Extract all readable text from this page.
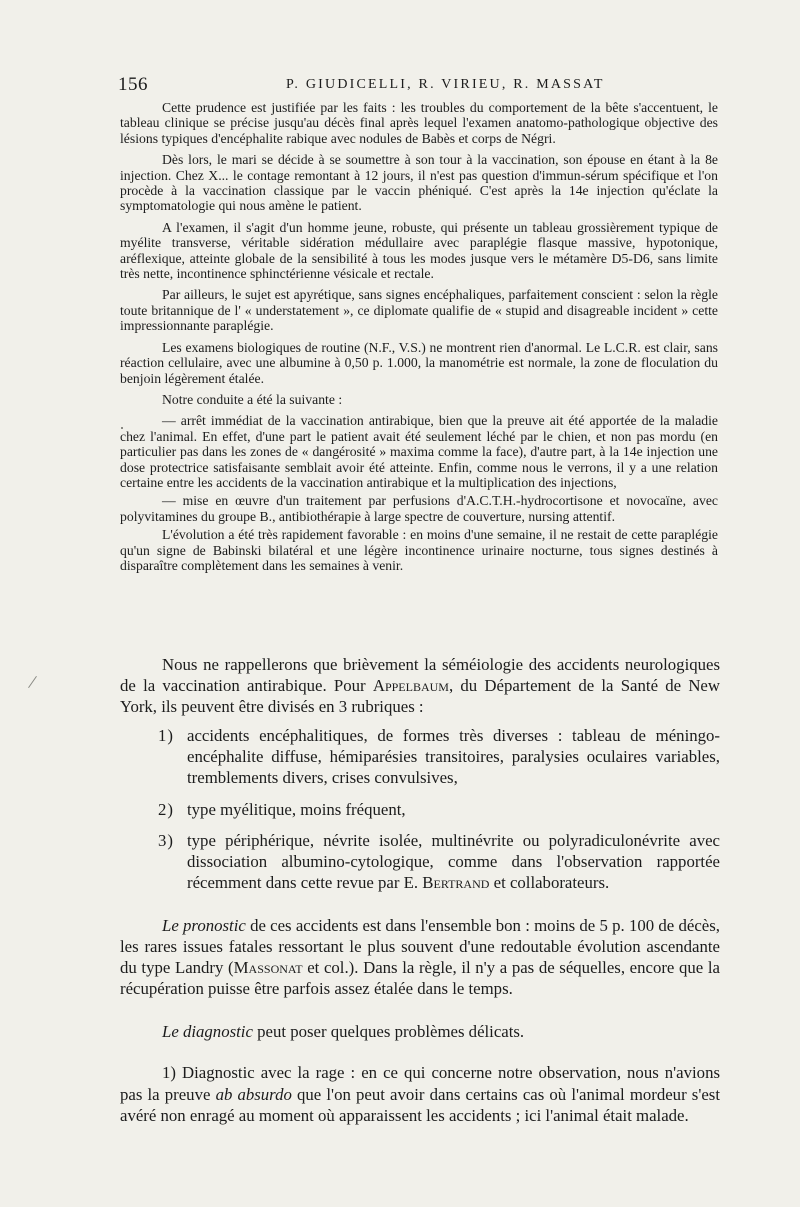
156	P. GIUDICELLI, R. VIRIEU, R. MASSAT

Cette prudence est justifiée par les faits : les troubles du comportement de la bête s'accentuent, le tableau clinique se précise jusqu'au décès final après lequel l'examen anatomo-pathologique objective des lésions typiques d'encéphalite rabique avec nodules de Babès et corps de Négri.

Dès lors, le mari se décide à se soumettre à son tour à la vaccination, son épouse en étant à la 8e injection. Chez X... le contage remontant à 12 jours, il n'est pas question d'immun-sérum spécifique et l'on procède à la vaccination classique par le vaccin phéniqué. C'est après la 14e injection qu'éclate la symptomatologie qui nous amène le patient.

A l'examen, il s'agit d'un homme jeune, robuste, qui présente un tableau grossièrement typique de myélite transverse, véritable sidération médullaire avec paraplégie flasque massive, hypotonique, aréflexique, atteinte globale de la sensibilité à tous les modes jusque vers le métamère D5-D6, sans limite très nette, incontinence sphinctérienne vésicale et rectale.

Par ailleurs, le sujet est apyrétique, sans signes encéphaliques, parfaitement conscient : selon la règle toute britannique de l' « understatement », ce diplomate qualifie de « stupid and disagreable incident » cette impressionnante paraplégie.

Les examens biologiques de routine (N.F., V.S.) ne montrent rien d'anormal. Le L.C.R. est clair, sans réaction cellulaire, avec une albumine à 0,50 p. 1.000, la manométrie est normale, la zone de floculation du benjoin légèrement étalée.

Notre conduite a été la suivante :

— arrêt immédiat de la vaccination antirabique, bien que la preuve ait été apportée de la maladie chez l'animal. En effet, d'une part le patient avait été seulement léché par le chien, et non pas mordu (en particulier pas dans les zones de « dangérosité » maxima comme la face), d'autre part, à la 14e injection une dose protectrice satisfaisante semblait avoir été atteinte. Enfin, comme nous le verrons, il y a une relation certaine entre les accidents de la vaccination antirabique et la multiplication des injections,

— mise en œuvre d'un traitement par perfusions d'A.C.T.H.-hydrocortisone et novocaïne, avec polyvitamines du groupe B., antibiothérapie à large spectre de couverture, nursing attentif.

L'évolution a été très rapidement favorable : en moins d'une semaine, il ne restait de cette paraplégie qu'un signe de Babinski bilatéral et une légère incontinence urinaire nocturne, tous signes destinés à disparaître complètement dans les semaines à venir.

Nous ne rappellerons que brièvement la séméiologie des accidents neurologiques de la vaccination antirabique. Pour Appelbaum, du Département de la Santé de New York, ils peuvent être divisés en 3 rubriques :

1) accidents encéphalitiques, de formes très diverses : tableau de méningo-encéphalite diffuse, hémiparésies transitoires, paralysies oculaires variables, tremblements divers, crises convulsives,
2) type myélitique, moins fréquent,
3) type périphérique, névrite isolée, multinévrite ou polyradiculonévrite avec dissociation albumino-cytologique, comme dans l'observation rapportée récemment dans cette revue par E. Bertrand et collaborateurs.

Le pronostic de ces accidents est dans l'ensemble bon : moins de 5 p. 100 de décès, les rares issues fatales ressortant le plus souvent d'une redoutable évolution ascendante du type Landry (Massonat et col.). Dans la règle, il n'y a pas de séquelles, encore que la récupération puisse être parfois assez étalée dans le temps.

Le diagnostic peut poser quelques problèmes délicats.

1) Diagnostic avec la rage : en ce qui concerne notre observation, nous n'avions pas la preuve ab absurdo que l'on peut avoir dans certains cas où l'animal mordeur s'est avéré non enragé au moment où apparaissent les accidents ; ici l'animal était malade.
